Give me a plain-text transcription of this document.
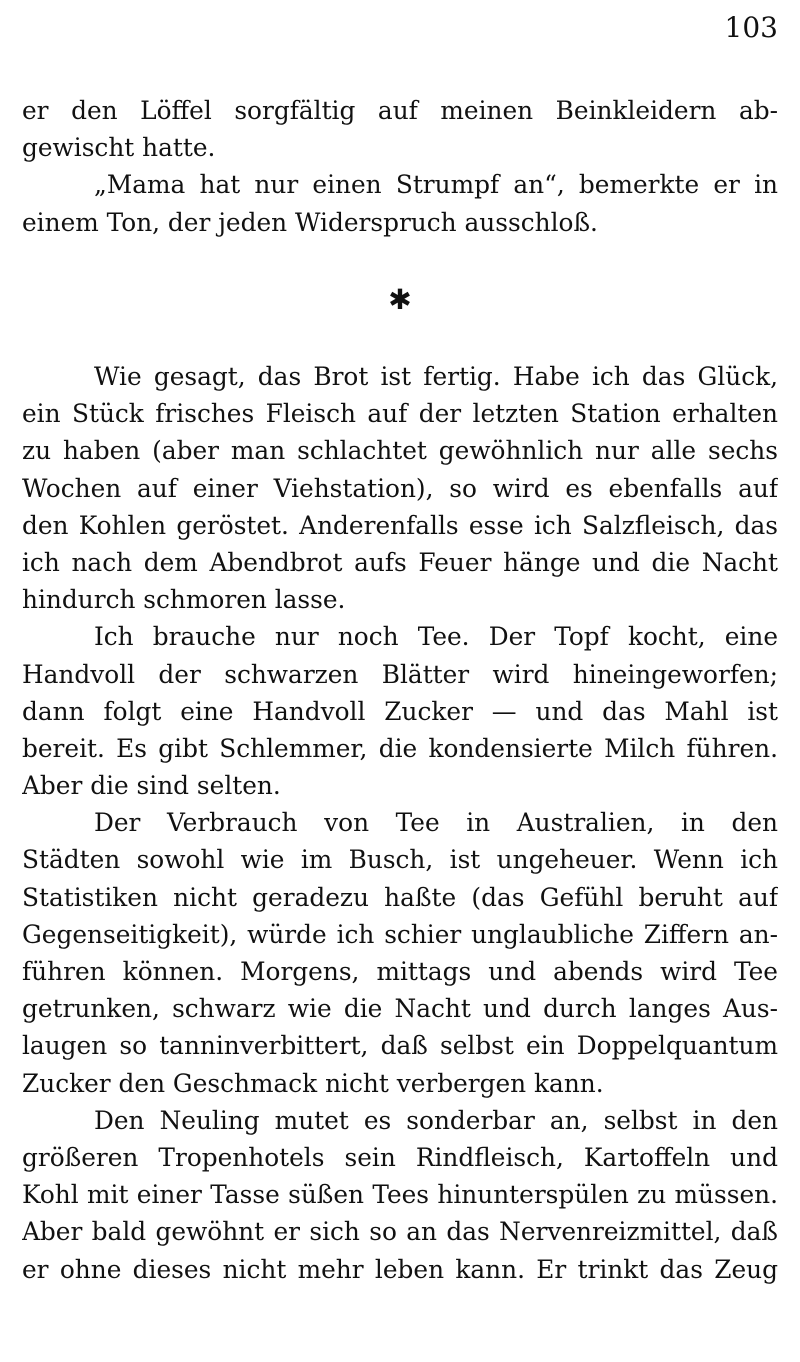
103
er den Löffel sorgfältig auf meinen Beinkleidern ab-
gewischt hatte.
„Mama hat nur einen Strumpf an“, bemerkte er in
einem Ton, der jeden Widerspruch ausschloß.
✱
Wie gesagt, das Brot ist fertig. Habe ich das Glück,
ein Stück frisches Fleisch auf der letzten Station erhalten
zu haben (aber man schlachtet gewöhnlich nur alle sechs
Wochen auf einer Viehstation), so wird es ebenfalls auf
den Kohlen geröstet. Anderenfalls esse ich Salzfleisch, das
ich nach dem Abendbrot aufs Feuer hänge und die Nacht
hindurch schmoren lasse.
Ich brauche nur noch Tee. Der Topf kocht, eine
Handvoll der schwarzen Blätter wird hineingeworfen;
dann folgt eine Handvoll Zucker — und das Mahl ist
bereit. Es gibt Schlemmer, die kondensierte Milch führen.
Aber die sind selten.
Der Verbrauch von Tee in Australien, in den
Städten sowohl wie im Busch, ist ungeheuer. Wenn ich
Statistiken nicht geradezu haßte (das Gefühl beruht auf
Gegenseitigkeit), würde ich schier unglaubliche Ziffern an-
führen können. Morgens, mittags und abends wird Tee
getrunken, schwarz wie die Nacht und durch langes Aus-
laugen so tanninverbittert, daß selbst ein Doppelquantum
Zucker den Geschmack nicht verbergen kann.
Den Neuling mutet es sonderbar an, selbst in den
größeren Tropenhotels sein Rindfleisch, Kartoffeln und
Kohl mit einer Tasse süßen Tees hinunterspülen zu müssen.
Aber bald gewöhnt er sich so an das Nervenreizmittel, daß
er ohne dieses nicht mehr leben kann. Er trinkt das Zeug
